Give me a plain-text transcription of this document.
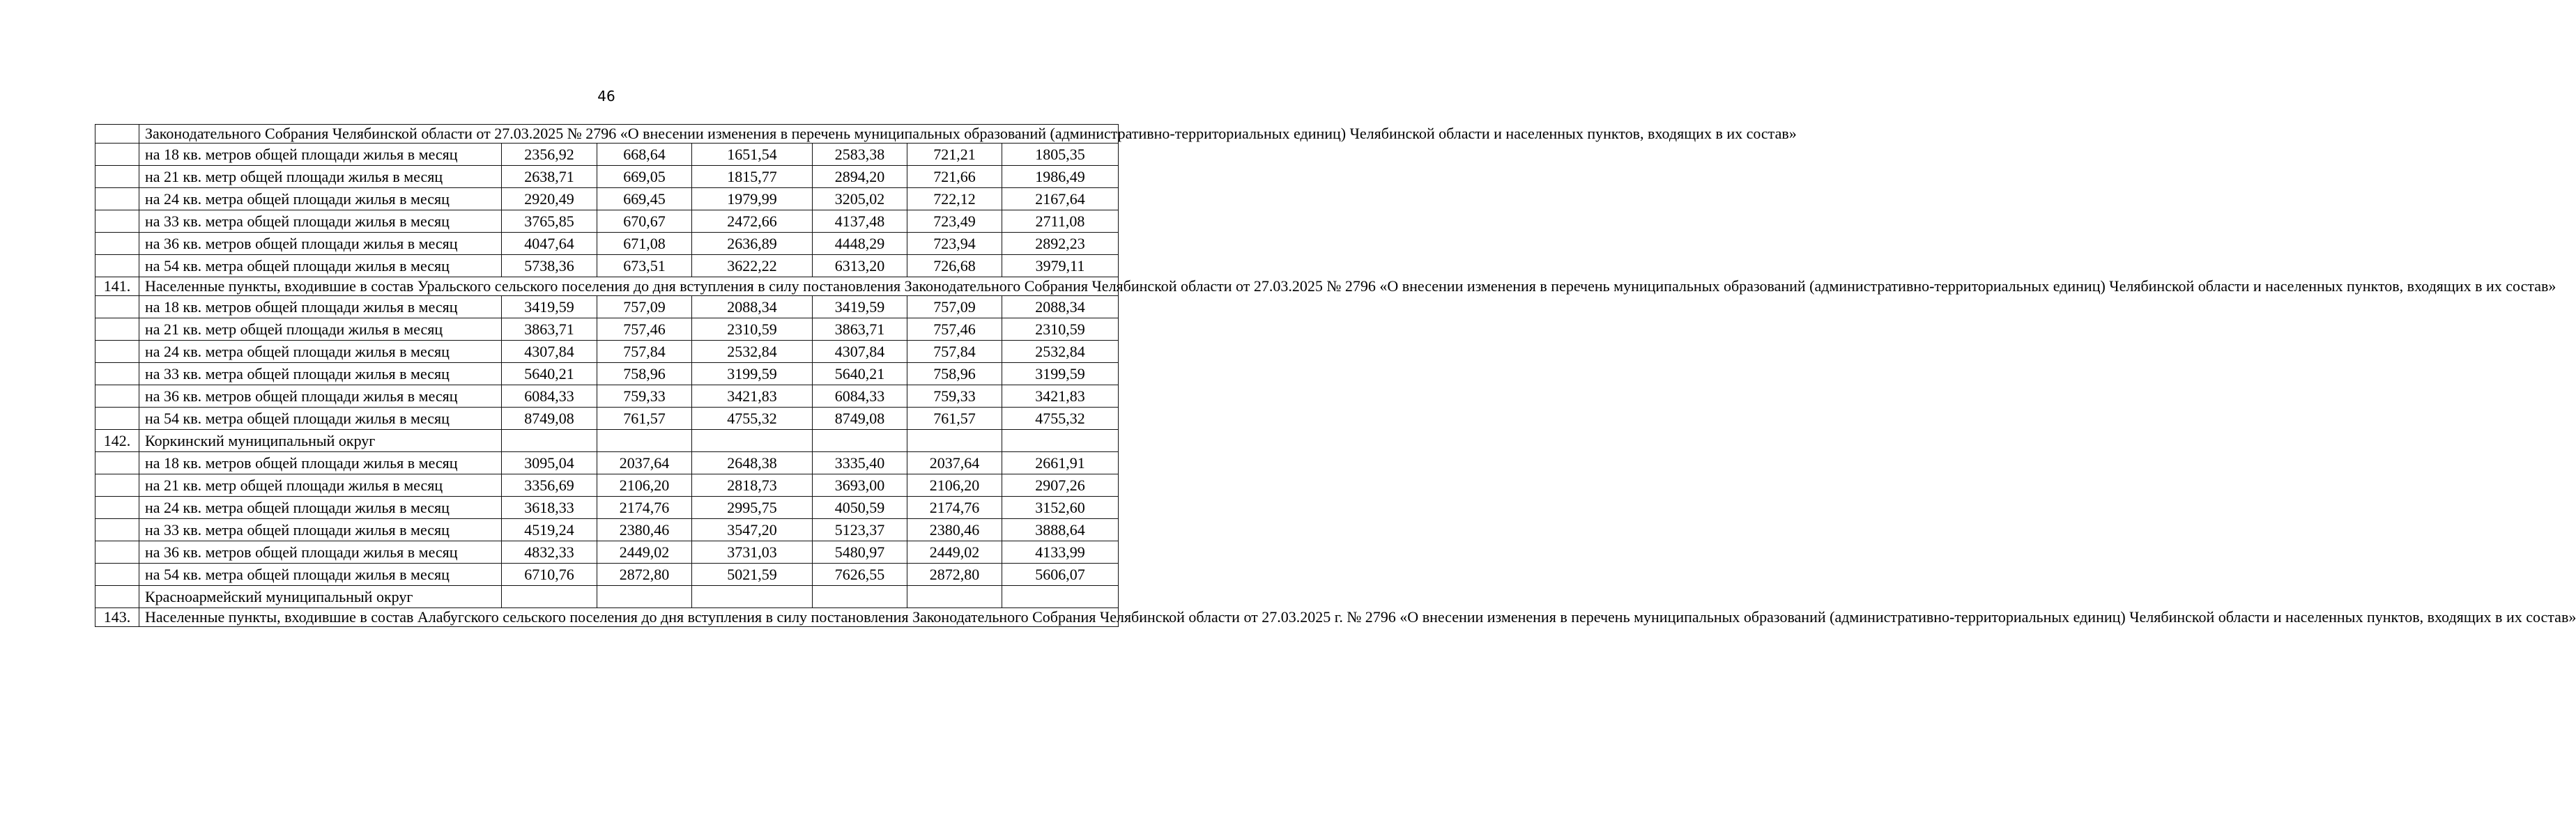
46
	Законодательного Собрания Челябинской области от 27.03.2025 № 2796 «О внесении изменения в перечень муниципальных образований (административно-территориальных единиц) Челябинской области и населенных пунктов, входящих в их состав»						
	на 18 кв. метров общей площади жилья в месяц	2356,92	668,64	1651,54	2583,38	721,21	1805,35
	на 21 кв. метр общей площади жилья в месяц	2638,71	669,05	1815,77	2894,20	721,66	1986,49
	на 24 кв. метра общей площади жилья в месяц	2920,49	669,45	1979,99	3205,02	722,12	2167,64
	на 33 кв. метра общей площади жилья в месяц	3765,85	670,67	2472,66	4137,48	723,49	2711,08
	на 36 кв. метров общей площади жилья в месяц	4047,64	671,08	2636,89	4448,29	723,94	2892,23
	на 54 кв. метра общей площади жилья в месяц	5738,36	673,51	3622,22	6313,20	726,68	3979,11
141.	Населенные пункты, входившие в состав Уральского сельского поселения до дня вступления в силу постановления Законодательного Собрания Челябинской области от 27.03.2025 № 2796 «О внесении изменения в перечень муниципальных образований (административно-территориальных единиц) Челябинской области и населенных пунктов, входящих в их состав»						
	на 18 кв. метров общей площади жилья в месяц	3419,59	757,09	2088,34	3419,59	757,09	2088,34
	на 21 кв. метр общей площади жилья в месяц	3863,71	757,46	2310,59	3863,71	757,46	2310,59
	на 24 кв. метра общей площади жилья в месяц	4307,84	757,84	2532,84	4307,84	757,84	2532,84
	на 33 кв. метра общей площади жилья в месяц	5640,21	758,96	3199,59	5640,21	758,96	3199,59
	на 36 кв. метров общей площади жилья в месяц	6084,33	759,33	3421,83	6084,33	759,33	3421,83
	на 54 кв. метра общей площади жилья в месяц	8749,08	761,57	4755,32	8749,08	761,57	4755,32
142.	Коркинский муниципальный округ						
	на 18 кв. метров общей площади жилья в месяц	3095,04	2037,64	2648,38	3335,40	2037,64	2661,91
	на 21 кв. метр общей площади жилья в месяц	3356,69	2106,20	2818,73	3693,00	2106,20	2907,26
	на 24 кв. метра общей площади жилья в месяц	3618,33	2174,76	2995,75	4050,59	2174,76	3152,60
	на 33 кв. метра общей площади жилья в месяц	4519,24	2380,46	3547,20	5123,37	2380,46	3888,64
	на 36 кв. метров общей площади жилья в месяц	4832,33	2449,02	3731,03	5480,97	2449,02	4133,99
	на 54 кв. метра общей площади жилья в месяц	6710,76	2872,80	5021,59	7626,55	2872,80	5606,07
	Красноармейский муниципальный округ						
143.	Населенные пункты, входившие в состав Алабугского сельского поселения до дня вступления в силу постановления Законодательного Собрания Челябинской области от 27.03.2025 г. № 2796 «О внесении изменения в перечень муниципальных образований (административно-территориальных единиц) Челябинской области и населенных пунктов, входящих в их состав»						
